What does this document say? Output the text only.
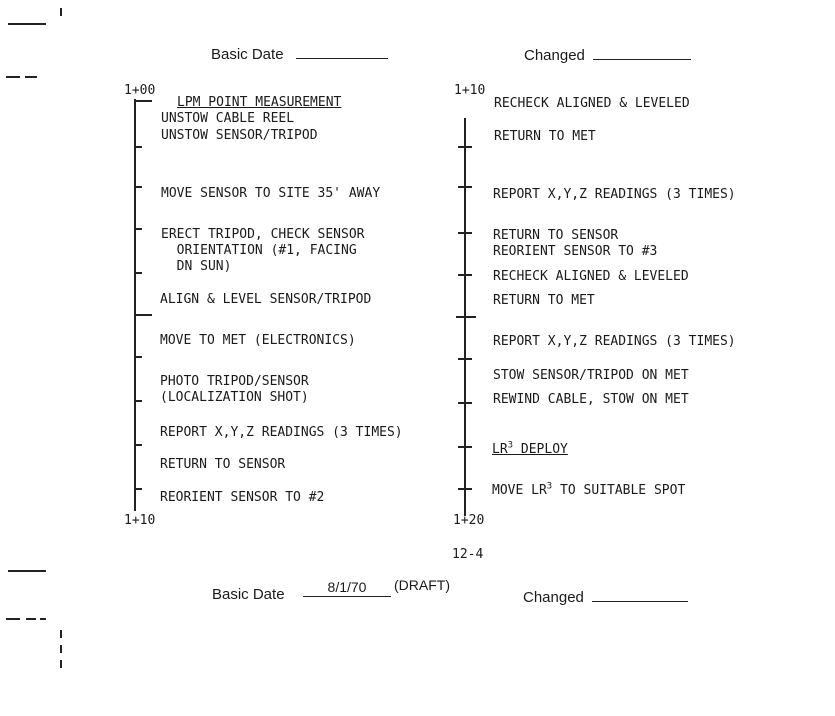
Basic Date	Changed
1+00
1+10
LPM POINT MEASUREMENT
UNSTOW CABLE REEL
UNSTOW SENSOR/TRIPOD
MOVE SENSOR TO SITE 35' AWAY
ERECT TRIPOD, CHECK SENSOR
ORIENTATION (#1, FACING
DN SUN)
ALIGN & LEVEL SENSOR/TRIPOD
MOVE TO MET (ELECTRONICS)
PHOTO TRIPOD/SENSOR
(LOCALIZATION SHOT)
REPORT X,Y,Z READINGS (3 TIMES)
RETURN TO SENSOR
REORIENT SENSOR TO #2
1+10
1+20
RECHECK ALIGNED & LEVELED
RETURN TO MET
REPORT X,Y,Z READINGS (3 TIMES)
RETURN TO SENSOR
REORIENT SENSOR TO #3
RECHECK ALIGNED & LEVELED
RETURN TO MET
REPORT X,Y,Z READINGS (3 TIMES)
STOW SENSOR/TRIPOD ON MET
REWIND CABLE, STOW ON MET
$LR^3$ DEPLOY
MOVE $LR^3$ TO SUITABLE SPOT
12-4
Basic Date	8/1/70	(DRAFT)
Changed
